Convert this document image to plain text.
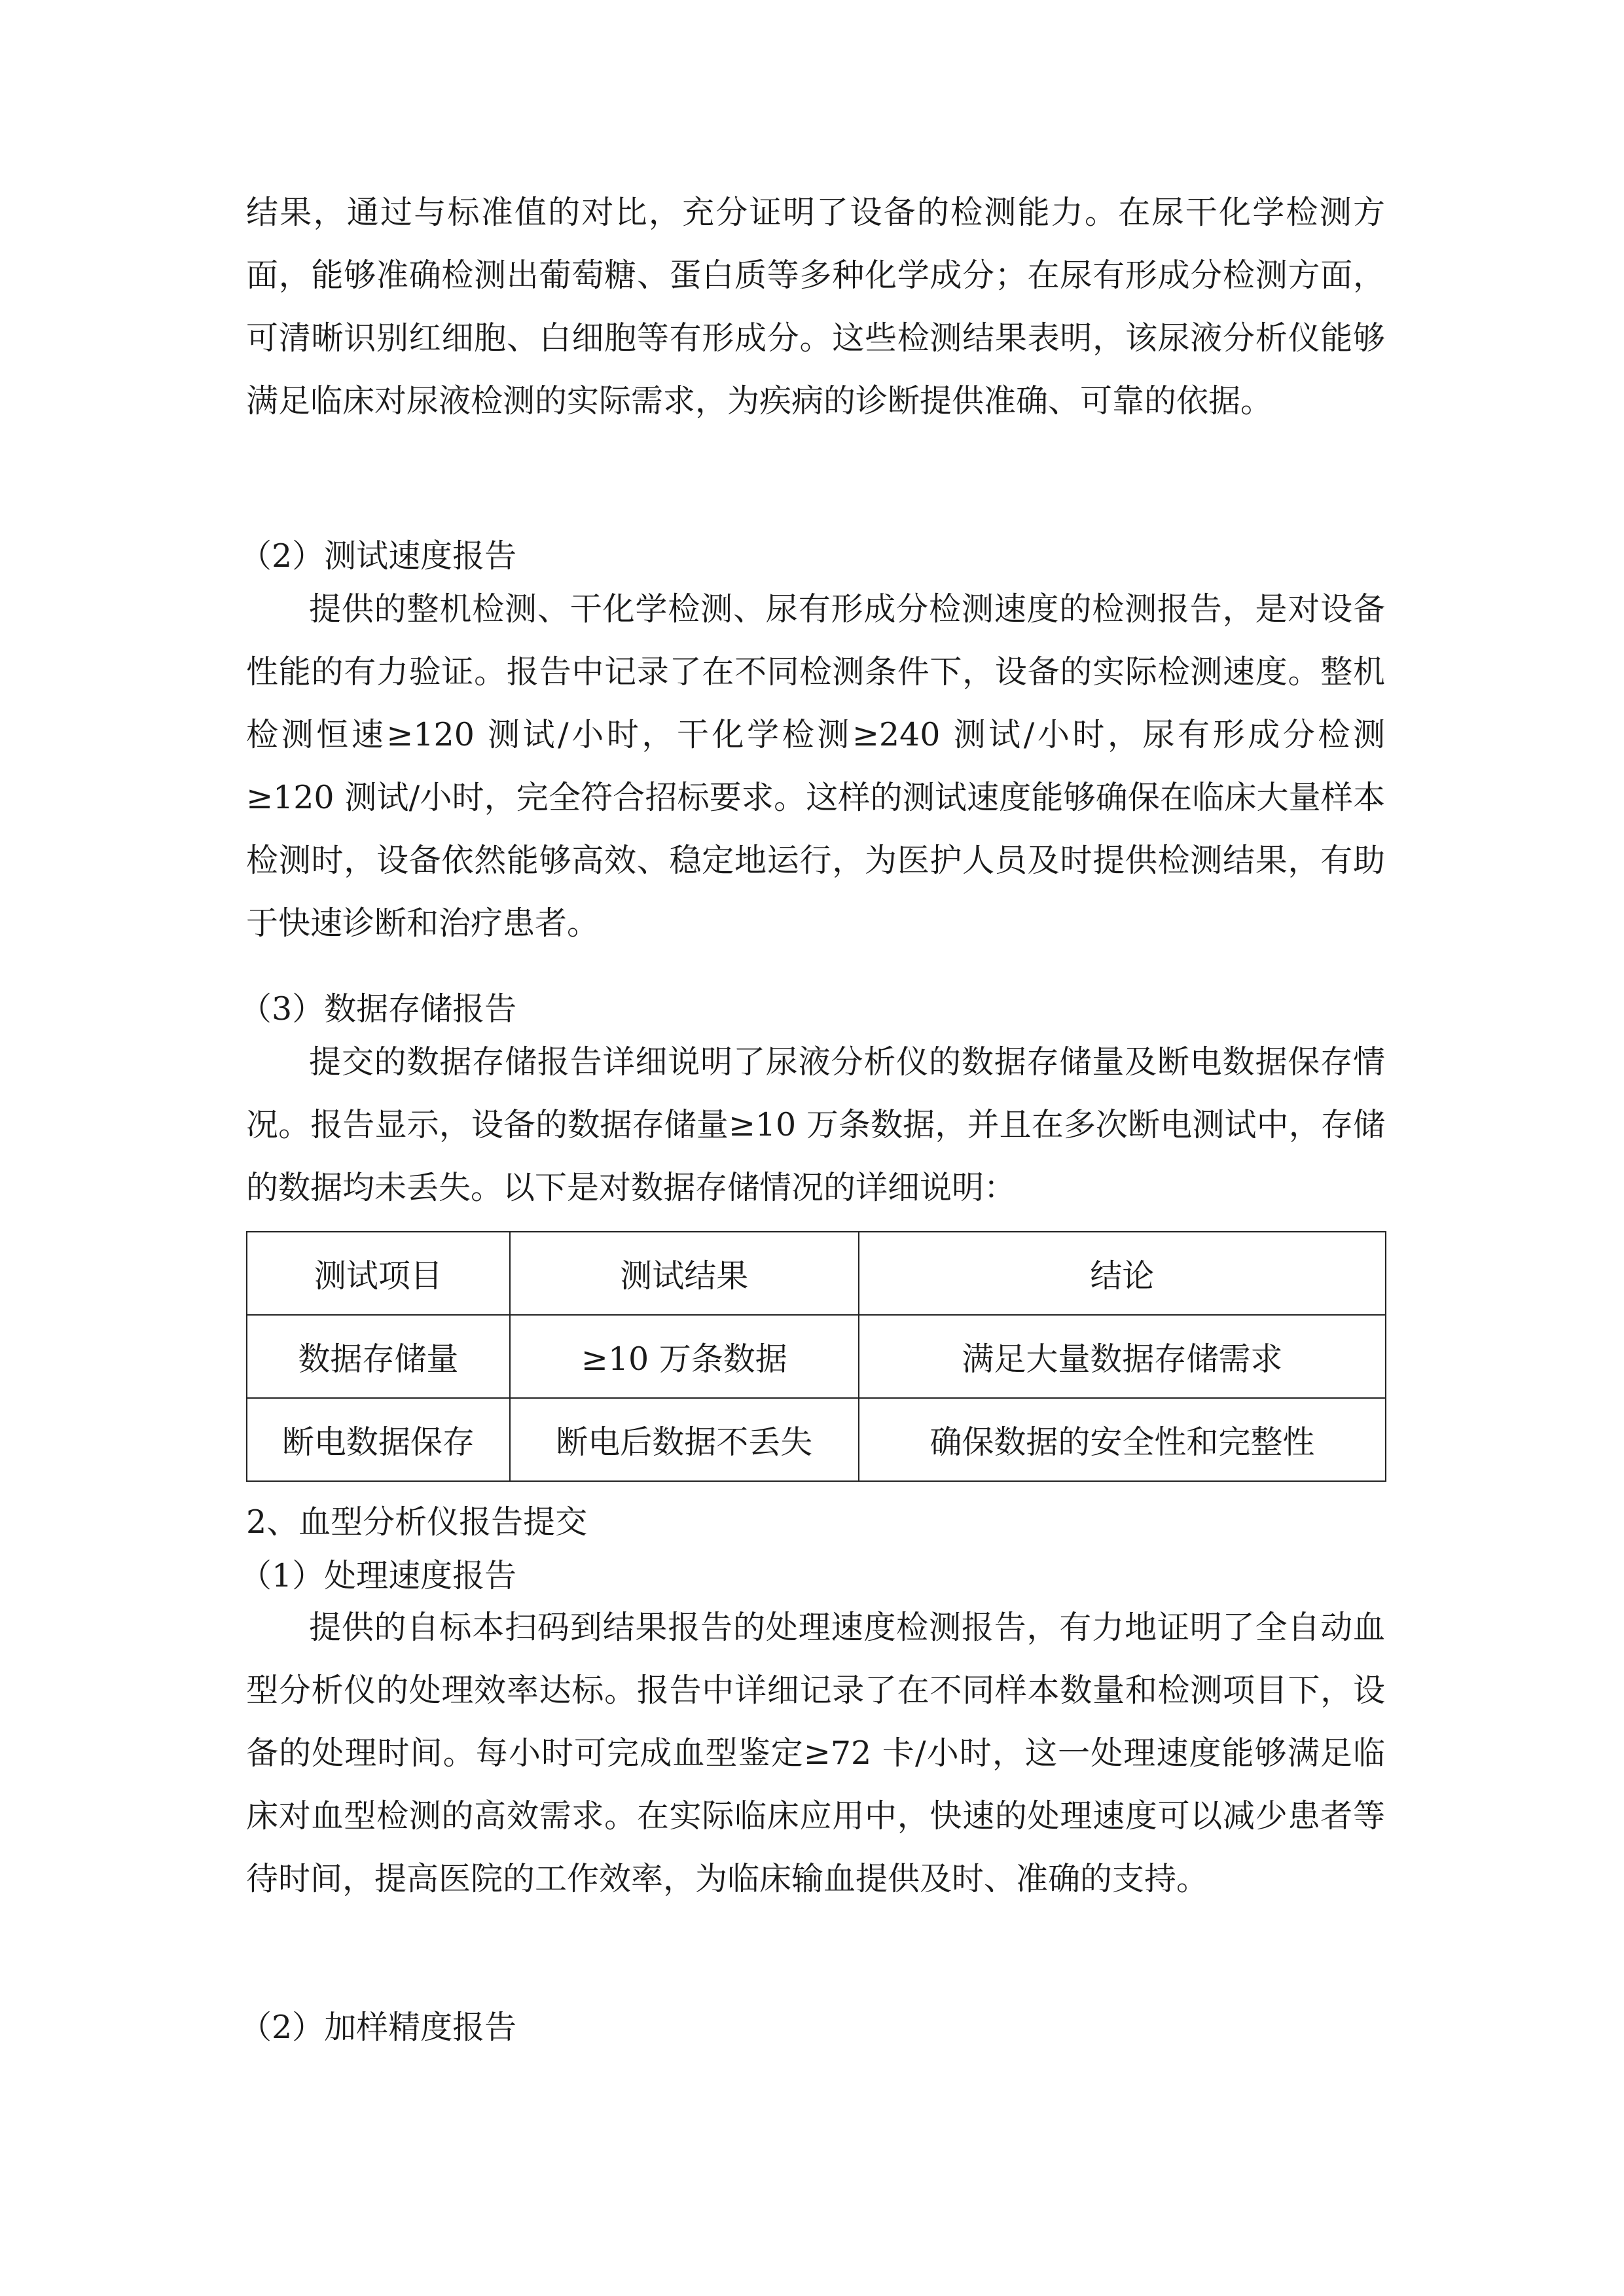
结果，通过与标准值的对比，充分证明了设备的检测能力。在尿干化学检测方面，能够准确检测出葡萄糖、蛋白质等多种化学成分；在尿有形成分检测方面，可清晰识别红细胞、白细胞等有形成分。这些检测结果表明，该尿液分析仪能够满足临床对尿液检测的实际需求，为疾病的诊断提供准确、可靠的依据。

（2）测试速度报告

提供的整机检测、干化学检测、尿有形成分检测速度的检测报告，是对设备性能的有力验证。报告中记录了在不同检测条件下，设备的实际检测速度。整机检测恒速≥120 测试/小时，干化学检测≥240 测试/小时，尿有形成分检测≥120 测试/小时，完全符合招标要求。这样的测试速度能够确保在临床大量样本检测时，设备依然能够高效、稳定地运行，为医护人员及时提供检测结果，有助于快速诊断和治疗患者。

（3）数据存储报告

提交的数据存储报告详细说明了尿液分析仪的数据存储量及断电数据保存情况。报告显示，设备的数据存储量≥10 万条数据，并且在多次断电测试中，存储的数据均未丢失。以下是对数据存储情况的详细说明：

测试项目	测试结果	结论
数据存储量	≥10 万条数据	满足大量数据存储需求
断电数据保存	断电后数据不丢失	确保数据的安全性和完整性

2、血型分析仪报告提交

（1）处理速度报告

提供的自标本扫码到结果报告的处理速度检测报告，有力地证明了全自动血型分析仪的处理效率达标。报告中详细记录了在不同样本数量和检测项目下，设备的处理时间。每小时可完成血型鉴定≥72 卡/小时，这一处理速度能够满足临床对血型检测的高效需求。在实际临床应用中，快速的处理速度可以减少患者等待时间，提高医院的工作效率，为临床输血提供及时、准确的支持。

（2）加样精度报告
